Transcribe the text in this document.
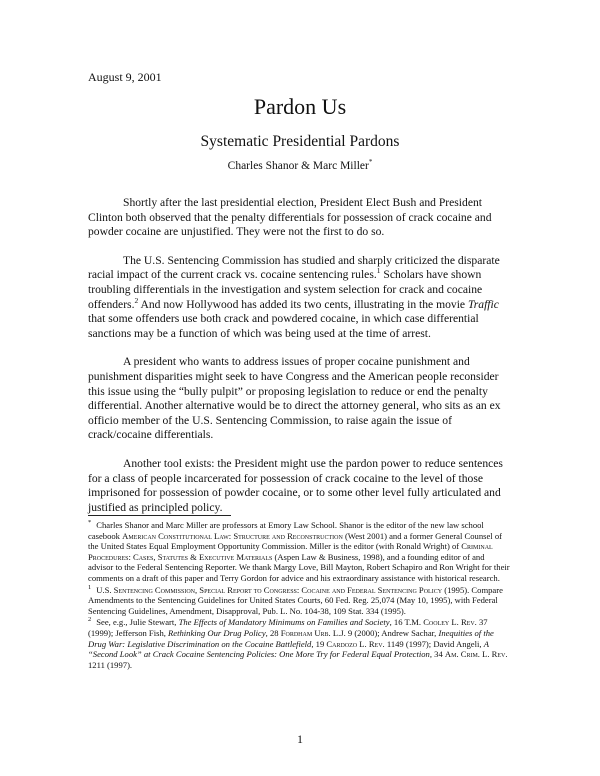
August 9, 2001
Pardon Us
Systematic Presidential Pardons
Charles Shanor & Marc Miller*

Shortly after the last presidential election, President Elect Bush and President Clinton both observed that the penalty differentials for possession of crack cocaine and powder cocaine are unjustified. They were not the first to do so.

The U.S. Sentencing Commission has studied and sharply criticized the disparate racial impact of the current crack vs. cocaine sentencing rules.$^1$ Scholars have shown troubling differentials in the investigation and system selection for crack and cocaine offenders.$^2$ And now Hollywood has added its two cents, illustrating in the movie Traffic that some offenders use both crack and powdered cocaine, in which case differential sanctions may be a function of which was being used at the time of arrest.

A president who wants to address issues of proper cocaine punishment and punishment disparities might seek to have Congress and the American people reconsider this issue using the “bully pulpit” or proposing legislation to reduce or end the penalty differential. Another alternative would be to direct the attorney general, who sits as an ex officio member of the U.S. Sentencing Commission, to raise again the issue of crack/cocaine differentials.

Another tool exists: the President might use the pardon power to reduce sentences for a class of people incarcerated for possession of crack cocaine to the level of those imprisoned for possession of powder cocaine, or to some other level fully articulated and justified as principled policy.

* Charles Shanor and Marc Miller are professors at Emory Law School. Shanor is the editor of the new law school casebook American Constitutional Law: Structure and Reconstruction (West 2001) and a former General Counsel of the United States Equal Employment Opportunity Commission. Miller is the editor (with Ronald Wright) of Criminal Procedures: Cases, Statutes & Executive Materials (Aspen Law & Business, 1998), and a founding editor of and advisor to the Federal Sentencing Reporter. We thank Margy Love, Bill Mayton, Robert Schapiro and Ron Wright for their comments on a draft of this paper and Terry Gordon for advice and his extraordinary assistance with historical research.
$^1$ U.S. Sentencing Commission, Special Report to Congress: Cocaine and Federal Sentencing Policy (1995). Compare Amendments to the Sentencing Guidelines for United States Courts, 60 Fed. Reg. 25,074 (May 10, 1995), with Federal Sentencing Guidelines, Amendment, Disapproval, Pub. L. No. 104-38, 109 Stat. 334 (1995).
$^2$ See, e.g., Julie Stewart, The Effects of Mandatory Minimums on Families and Society, 16 T.M. Cooley L. Rev. 37 (1999); Jefferson Fish, Rethinking Our Drug Policy, 28 Fordham Urb. L.J. 9 (2000); Andrew Sachar, Inequities of the Drug War: Legislative Discrimination on the Cocaine Battlefield, 19 Cardozo L. Rev. 1149 (1997); David Angeli, A “Second Look” at Crack Cocaine Sentencing Policies: One More Try for Federal Equal Protection, 34 Am. Crim. L. Rev. 1211 (1997).
1
